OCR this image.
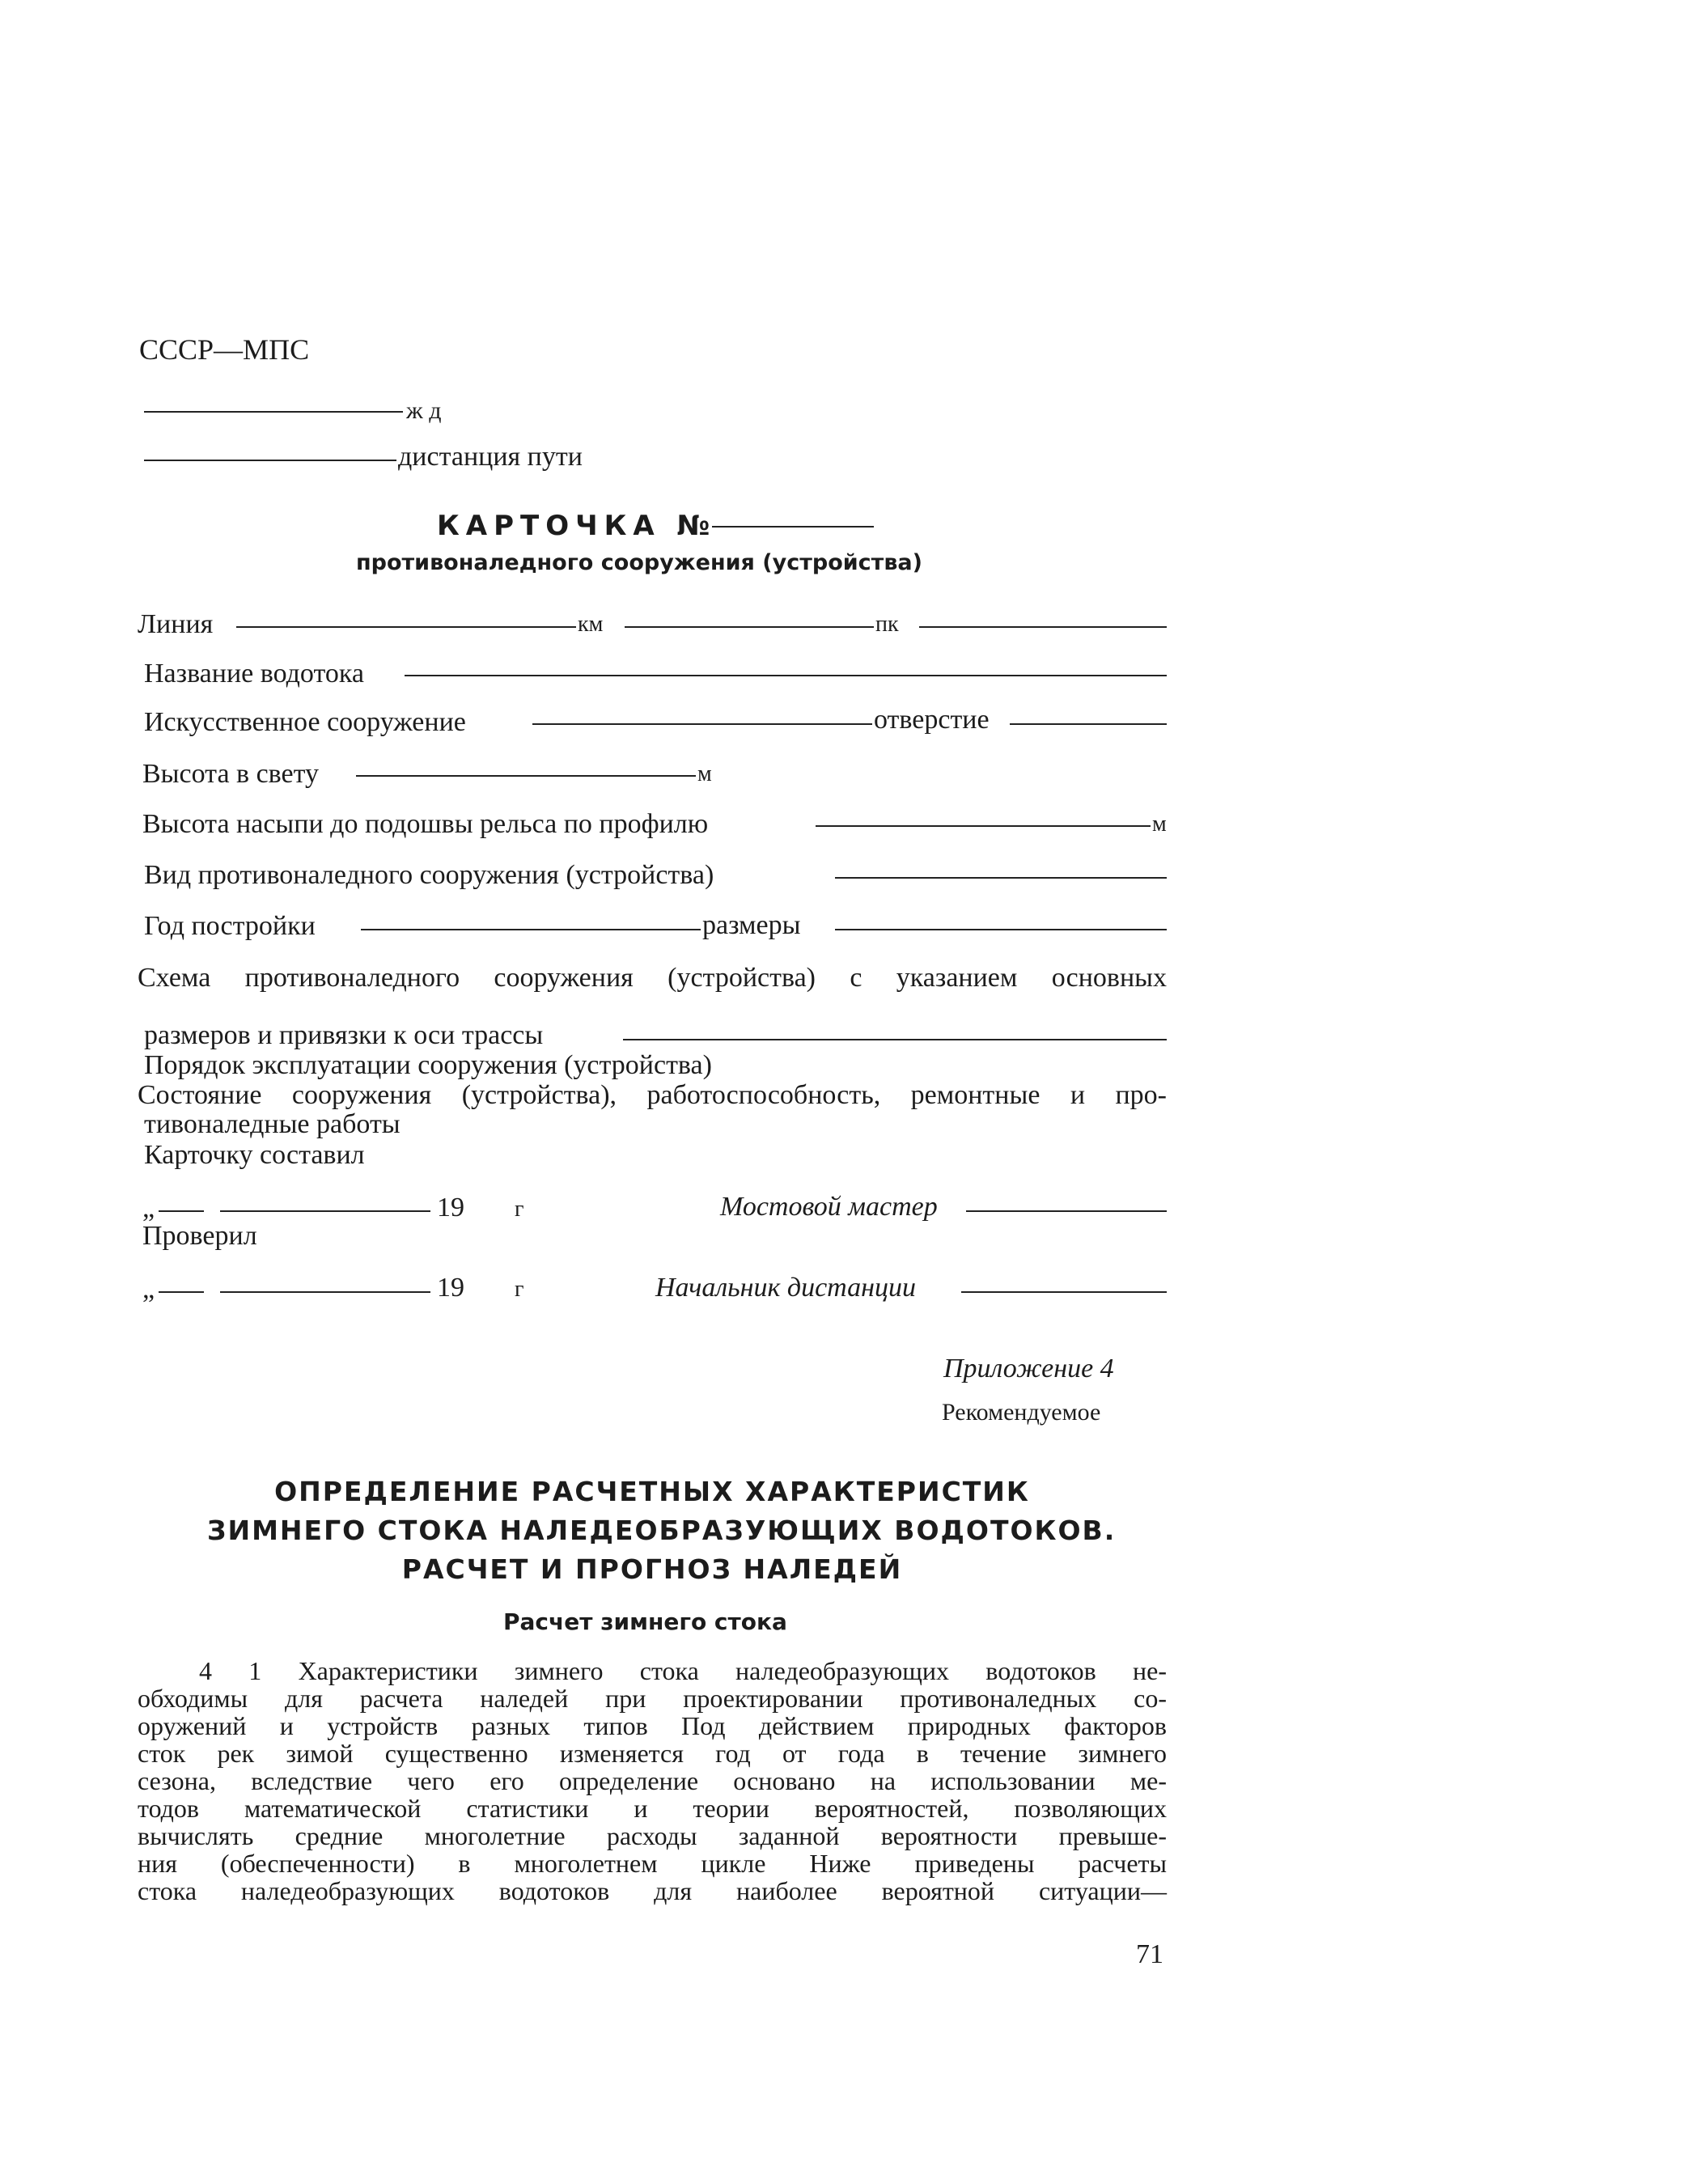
СССР—МПС
ж д
дистанция пути
КАРТОЧКА №
противоналедного сооружения (устройства)
Линия	км	пк
Название водотока
Искусственное сооружение	отверстие
Высота в свету	м
Высота насыпи до подошвы рельса по профилю	м
Вид противоналедного сооружения (устройства)
Год постройки	размеры
Схема противоналедного сооружения (устройства) с указанием основных
размеров и привязки к оси трассы
Порядок эксплуатации сооружения (устройства)
Состояние сооружения (устройства), работоспособность, ремонтные и про-
тивоналедные работы
Карточку составил
„	19 г	Мостовой мастер
Проверил
„	19 г	Начальник дистанции
Приложение 4
Рекомендуемое
ОПРЕДЕЛЕНИЕ РАСЧЕТНЫХ ХАРАКТЕРИСТИК
ЗИМНЕГО СТОКА НАЛЕДЕОБРАЗУЮЩИХ ВОДОТОКОВ.
РАСЧЕТ И ПРОГНОЗ НАЛЕДЕЙ
Расчет зимнего стока
4 1 Характеристики зимнего стока наледеобразующих водотоков не-
обходимы для расчета наледей при проектировании противоналедных со-
оружений и устройств разных типов Под действием природных факторов
сток рек зимой существенно изменяется год от года в течение зимнего
сезона, вследствие чего его определение основано на использовании ме-
тодов математической статистики и теории вероятностей, позволяющих
вычислять средние многолетние расходы заданной вероятности превыше-
ния (обеспеченности) в многолетнем цикле Ниже приведены расчеты
стока наледеобразующих водотоков для наиболее вероятной ситуации—
71
